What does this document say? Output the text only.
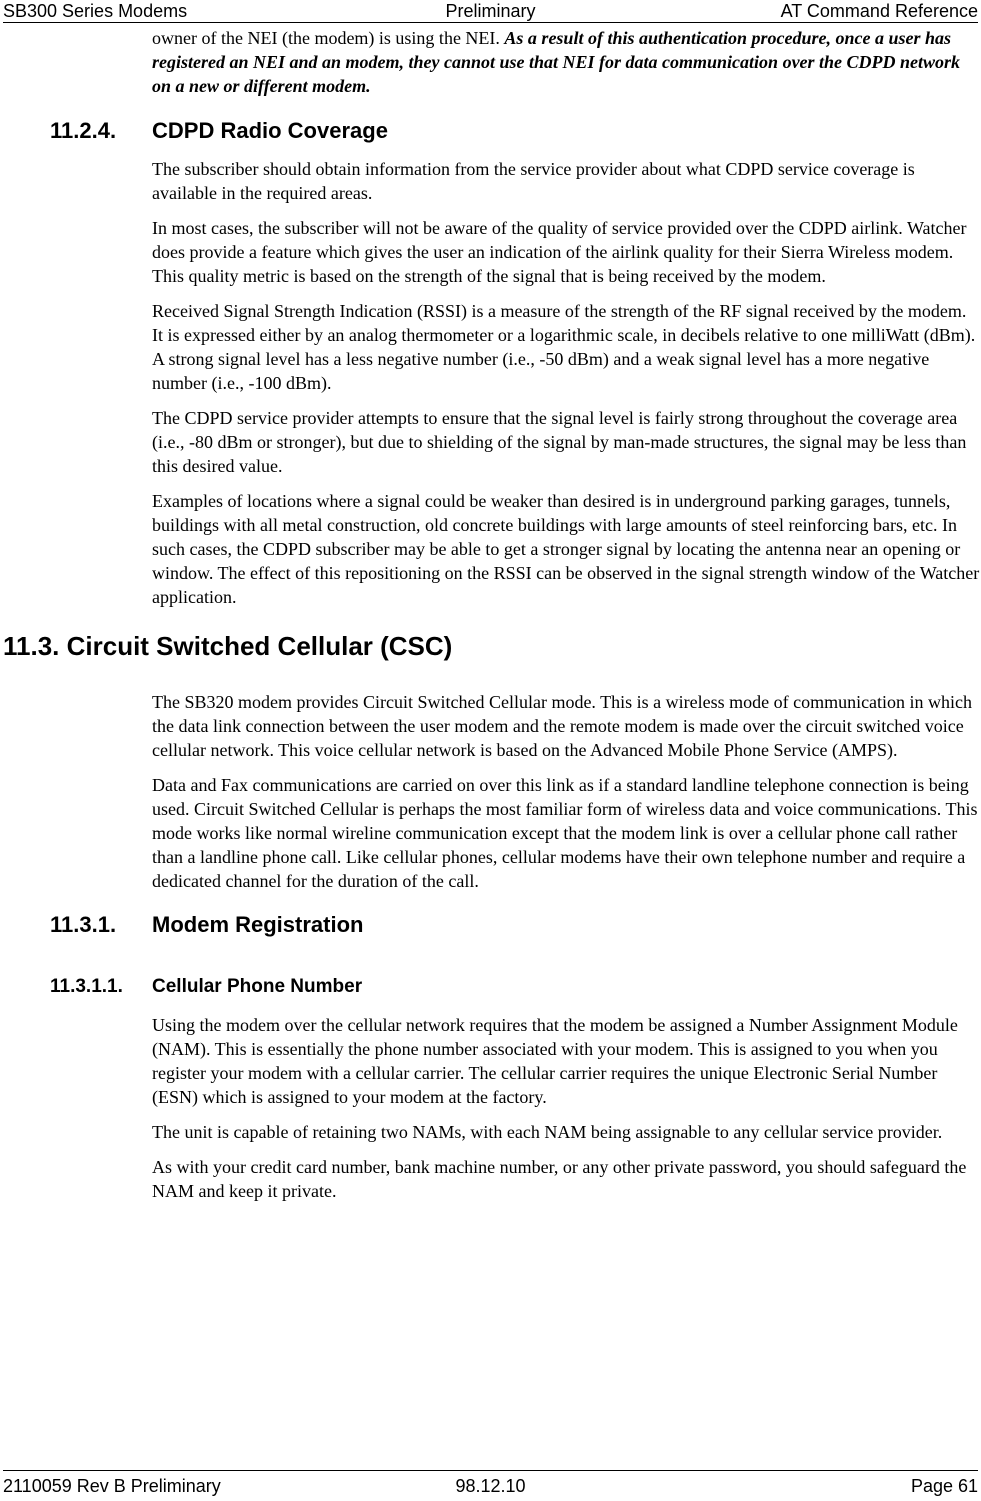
SB300 Series Modems	Preliminary	AT Command Reference

owner of the NEI (the modem) is using the NEI. As a result of this authentication procedure, once a user has registered an NEI and an modem, they cannot use that NEI for data communication over the CDPD network on a new or different modem.

11.2.4. CDPD Radio Coverage

The subscriber should obtain information from the service provider about what CDPD service coverage is available in the required areas.

In most cases, the subscriber will not be aware of the quality of service provided over the CDPD airlink. Watcher does provide a feature which gives the user an indication of the airlink quality for their Sierra Wireless modem. This quality metric is based on the strength of the signal that is being received by the modem.

Received Signal Strength Indication (RSSI) is a measure of the strength of the RF signal received by the modem. It is expressed either by an analog thermometer or a logarithmic scale, in decibels relative to one milliWatt (dBm). A strong signal level has a less negative number (i.e., -50 dBm) and a weak signal level has a more negative number (i.e., -100 dBm).

The CDPD service provider attempts to ensure that the signal level is fairly strong throughout the coverage area (i.e., -80 dBm or stronger), but due to shielding of the signal by man-made structures, the signal may be less than this desired value.

Examples of locations where a signal could be weaker than desired is in underground parking garages, tunnels, buildings with all metal construction, old concrete buildings with large amounts of steel reinforcing bars, etc. In such cases, the CDPD subscriber may be able to get a stronger signal by locating the antenna near an opening or window. The effect of this repositioning on the RSSI can be observed in the signal strength window of the Watcher application.

11.3. Circuit Switched Cellular (CSC)

The SB320 modem provides Circuit Switched Cellular mode. This is a wireless mode of communication in which the data link connection between the user modem and the remote modem is made over the circuit switched voice cellular network. This voice cellular network is based on the Advanced Mobile Phone Service (AMPS).

Data and Fax communications are carried on over this link as if a standard landline telephone connection is being used. Circuit Switched Cellular is perhaps the most familiar form of wireless data and voice communications. This mode works like normal wireline communication except that the modem link is over a cellular phone call rather than a landline phone call. Like cellular phones, cellular modems have their own telephone number and require a dedicated channel for the duration of the call.

11.3.1. Modem Registration
11.3.1.1. Cellular Phone Number

Using the modem over the cellular network requires that the modem be assigned a Number Assignment Module (NAM). This is essentially the phone number associated with your modem. This is assigned to you when you register your modem with a cellular carrier. The cellular carrier requires the unique Electronic Serial Number (ESN) which is assigned to your modem at the factory.

The unit is capable of retaining two NAMs, with each NAM being assignable to any cellular service provider.

As with your credit card number, bank machine number, or any other private password, you should safeguard the NAM and keep it private.

2110059 Rev B Preliminary	98.12.10	Page 61
